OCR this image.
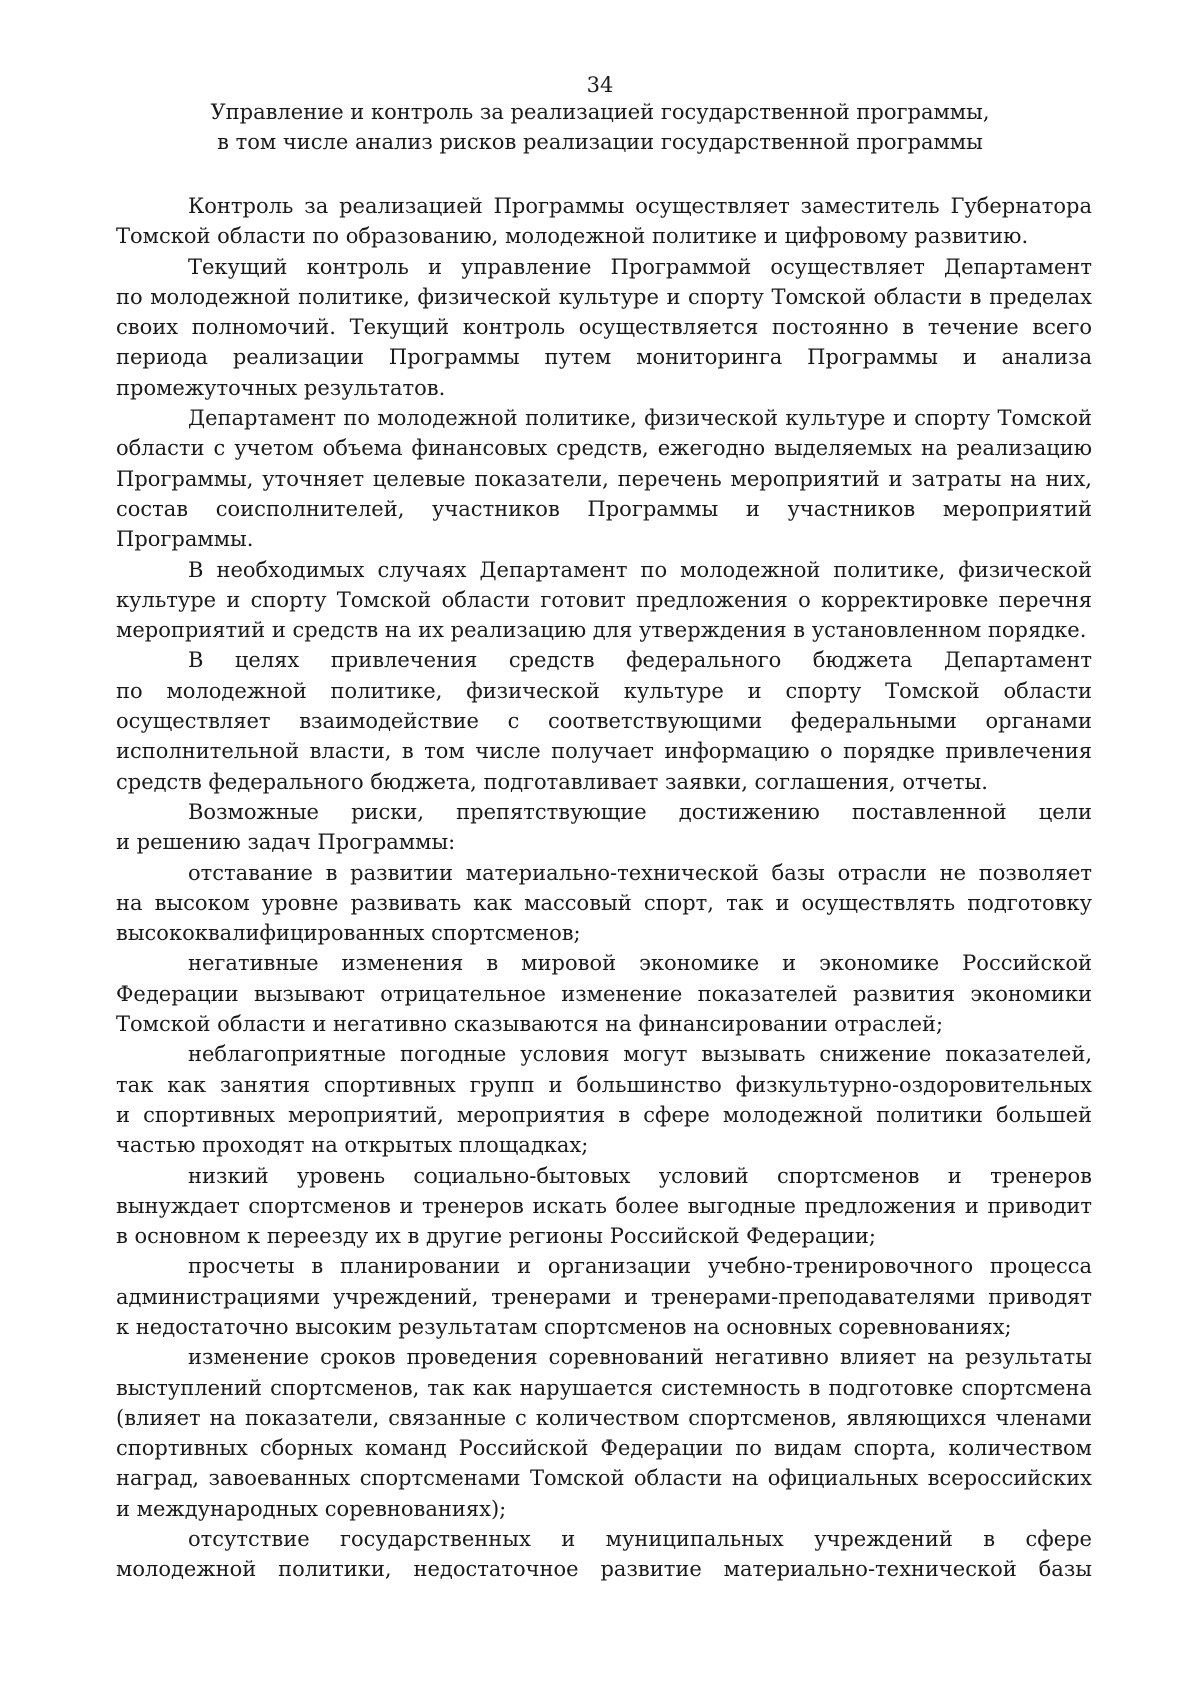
34
Управление и контроль за реализацией государственной программы,
в том числе анализ рисков реализации государственной программы
Контроль за реализацией Программы осуществляет заместитель Губернатора
Томской области по образованию, молодежной политике и цифровому развитию.
Текущий контроль и управление Программой осуществляет Департамент
по молодежной политике, физической культуре и спорту Томской области в пределах
своих полномочий. Текущий контроль осуществляется постоянно в течение всего
периода реализации Программы путем мониторинга Программы и анализа
промежуточных результатов.
Департамент по молодежной политике, физической культуре и спорту Томской
области с учетом объема финансовых средств, ежегодно выделяемых на реализацию
Программы, уточняет целевые показатели, перечень мероприятий и затраты на них,
состав соисполнителей, участников Программы и участников мероприятий
Программы.
В необходимых случаях Департамент по молодежной политике, физической
культуре и спорту Томской области готовит предложения о корректировке перечня
мероприятий и средств на их реализацию для утверждения в установленном порядке.
В целях привлечения средств федерального бюджета Департамент
по молодежной политике, физической культуре и спорту Томской области
осуществляет взаимодействие с соответствующими федеральными органами
исполнительной власти, в том числе получает информацию о порядке привлечения
средств федерального бюджета, подготавливает заявки, соглашения, отчеты.
Возможные риски, препятствующие достижению поставленной цели
и решению задач Программы:
отставание в развитии материально-технической базы отрасли не позволяет
на высоком уровне развивать как массовый спорт, так и осуществлять подготовку
высококвалифицированных спортсменов;
негативные изменения в мировой экономике и экономике Российской
Федерации вызывают отрицательное изменение показателей развития экономики
Томской области и негативно сказываются на финансировании отраслей;
неблагоприятные погодные условия могут вызывать снижение показателей,
так как занятия спортивных групп и большинство физкультурно-оздоровительных
и спортивных мероприятий, мероприятия в сфере молодежной политики большей
частью проходят на открытых площадках;
низкий уровень социально-бытовых условий спортсменов и тренеров
вынуждает спортсменов и тренеров искать более выгодные предложения и приводит
в основном к переезду их в другие регионы Российской Федерации;
просчеты в планировании и организации учебно-тренировочного процесса
администрациями учреждений, тренерами и тренерами-преподавателями приводят
к недостаточно высоким результатам спортсменов на основных соревнованиях;
изменение сроков проведения соревнований негативно влияет на результаты
выступлений спортсменов, так как нарушается системность в подготовке спортсмена
(влияет на показатели, связанные с количеством спортсменов, являющихся членами
спортивных сборных команд Российской Федерации по видам спорта, количеством
наград, завоеванных спортсменами Томской области на официальных всероссийских
и международных соревнованиях);
отсутствие государственных и муниципальных учреждений в сфере
молодежной политики, недостаточное развитие материально-технической базы
